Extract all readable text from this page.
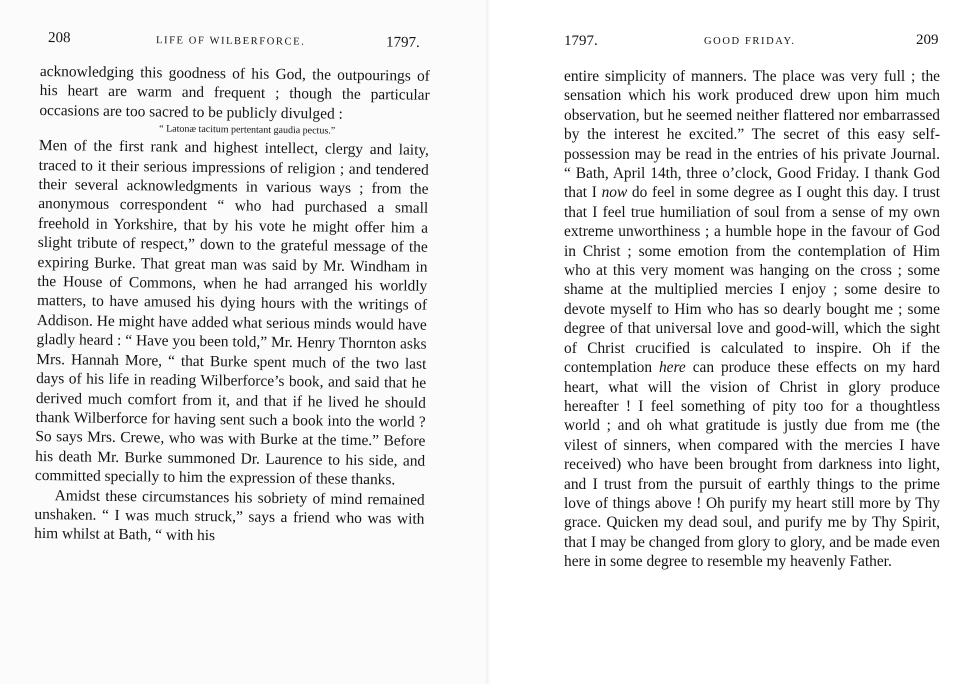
208	LIFE OF WILBERFORCE.	1797.

acknowledging this goodness of his God, the outpourings of his heart are warm and frequent ; though the particular occasions are too sacred to be publicly divulged :

“ Latonæ tacitum pertentant gaudia pectus.”

Men of the first rank and highest intellect, clergy and laity, traced to it their serious impressions of religion ; and tendered their several acknowledgments in various ways ; from the anonymous correspondent “ who had purchased a small freehold in Yorkshire, that by his vote he might offer him a slight tribute of respect,” down to the grateful message of the expiring Burke. That great man was said by Mr. Windham in the House of Commons, when he had arranged his worldly matters, to have amused his dying hours with the writings of Addison. He might have added what serious minds would have gladly heard : “ Have you been told,” Mr. Henry Thornton asks Mrs. Hannah More, “ that Burke spent much of the two last days of his life in reading Wilberforce’s book, and said that he derived much comfort from it, and that if he lived he should thank Wilberforce for having sent such a book into the world ? So says Mrs. Crewe, who was with Burke at the time.” Before his death Mr. Burke summoned Dr. Laurence to his side, and committed specially to him the expression of these thanks.

Amidst these circumstances his sobriety of mind remained unshaken. “ I was much struck,” says a friend who was with him whilst at Bath, “ with his

1797.	GOOD FRIDAY.	209

entire simplicity of manners. The place was very full ; the sensation which his work produced drew upon him much observation, but he seemed neither flattered nor embarrassed by the interest he excited.” The secret of this easy self-possession may be read in the entries of his private Journal. “ Bath, April 14th, three o’clock, Good Friday. I thank God that I now do feel in some degree as I ought this day. I trust that I feel true humiliation of soul from a sense of my own extreme unworthiness ; a humble hope in the favour of God in Christ ; some emotion from the contemplation of Him who at this very moment was hanging on the cross ; some shame at the multiplied mercies I enjoy ; some desire to devote myself to Him who has so dearly bought me ; some degree of that universal love and good-will, which the sight of Christ crucified is calculated to inspire. Oh if the contemplation here can produce these effects on my hard heart, what will the vision of Christ in glory produce hereafter ! I feel something of pity too for a thoughtless world ; and oh what gratitude is justly due from me (the vilest of sinners, when compared with the mercies I have received) who have been brought from darkness into light, and I trust from the pursuit of earthly things to the prime love of things above ! Oh purify my heart still more by Thy grace. Quicken my dead soul, and purify me by Thy Spirit, that I may be changed from glory to glory, and be made even here in some degree to resemble my heavenly Father.
